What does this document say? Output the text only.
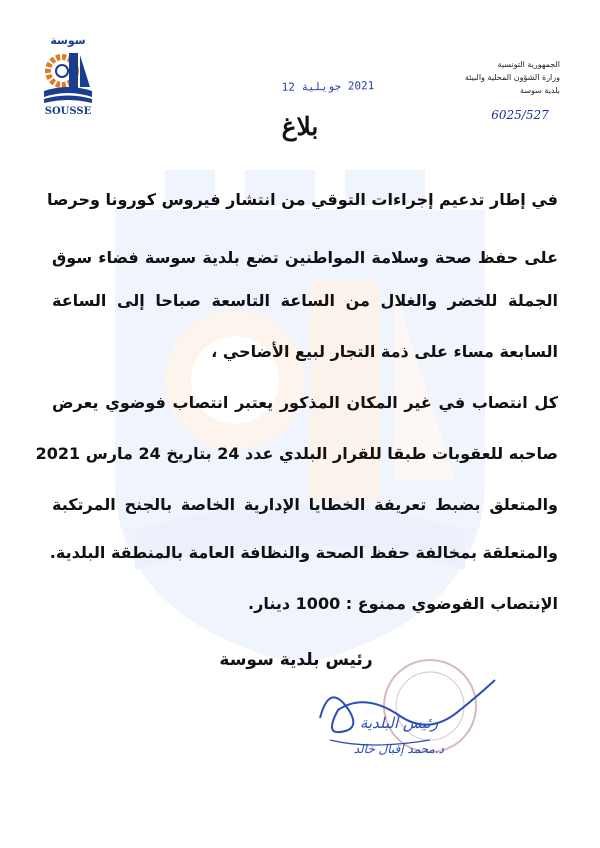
سوسة
SOUSSE
الجمهورية التونسية
وزارة الشؤون المحلية والبيئة
بلدية سوسة
2021 جويلية 12
6025/527
بلاغ
في إطار تدعيم إجراءات التوقي من انتشار فيروس كورونا وحرصا
على حفظ صحة وسلامة المواطنين تضع بلدية سوسة فضاء سوق
الجملة للخضر والغلال من الساعة التاسعة صباحا إلى الساعة
السابعة مساء على ذمة التجار لبيع الأضاحي ،
كل انتصاب في غير المكان المذكور يعتبر انتصاب فوضوي يعرض
صاحبه للعقوبات طبقا للقرار البلدي عدد 24 بتاريخ 24 مارس 2021
والمتعلق بضبط تعريفة الخطايا الإدارية الخاصة بالجنح المرتكبة
والمتعلقة بمخالفة حفظ الصحة والنظافة العامة بالمنطقة البلدية.
الإنتصاب الفوضوي ممنوع : 1000 دينار.
رئيس بلدية سوسة
رئيس البلدية
د.محمد إقبال خالد
